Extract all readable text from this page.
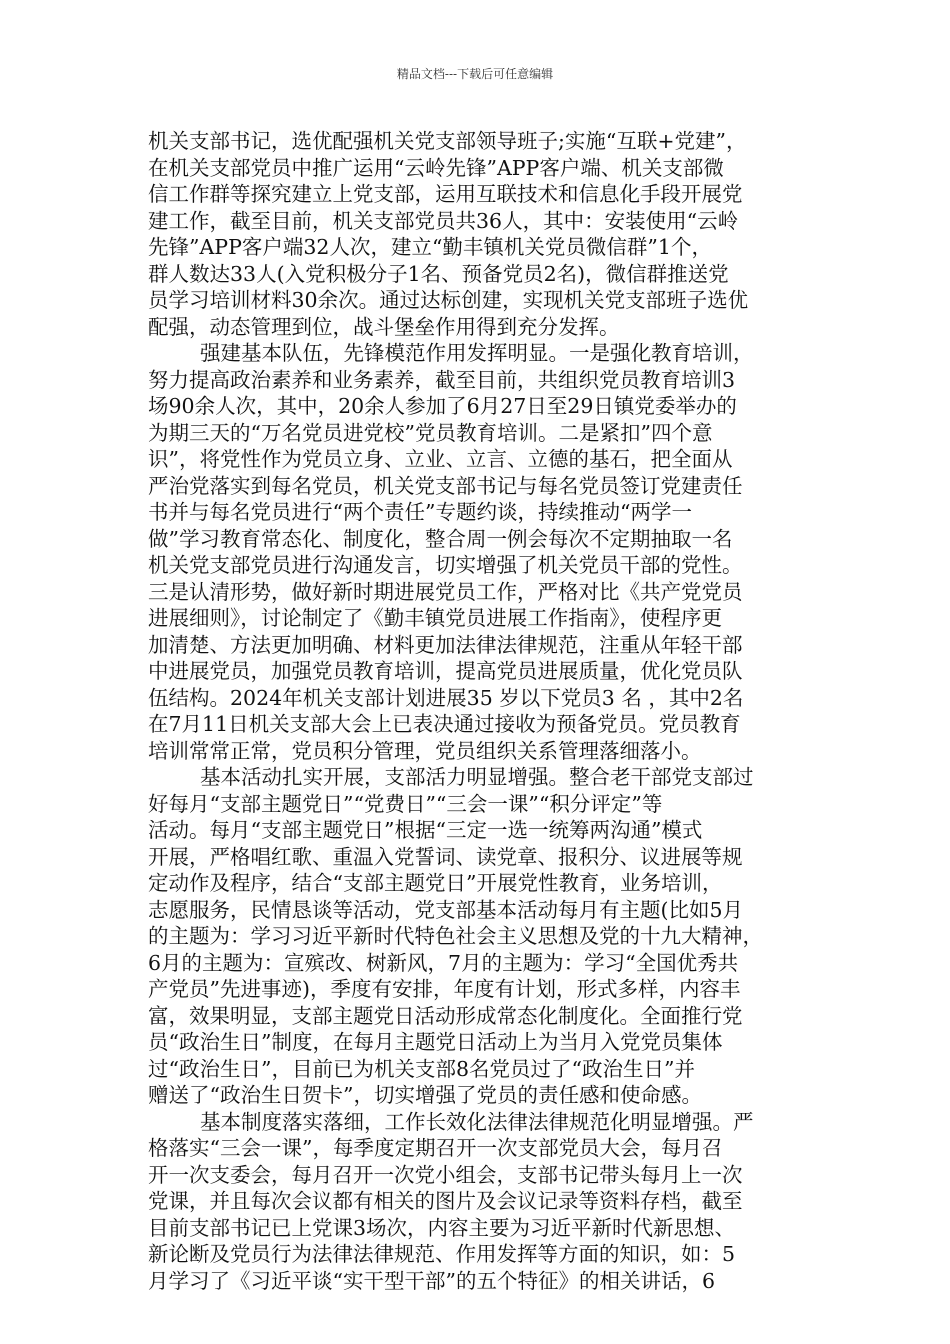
精品文档---下载后可任意编辑
机关支部书记，选优配强机关党支部领导班子;实施“互联+党建”，
在机关支部党员中推广运用“云岭先锋”APP客户端、机关支部微
信工作群等探究建立上党支部，运用互联技术和信息化手段开展党
建工作，截至目前，机关支部党员共36人，其中：安装使用“云岭
先锋”APP客户端32人次，建立“勤丰镇机关党员微信群”1个，
群人数达33人(入党积极分子1名、预备党员2名)，微信群推送党
员学习培训材料30余次。通过达标创建，实现机关党支部班子选优
配强，动态管理到位，战斗堡垒作用得到充分发挥。
强建基本队伍，先锋模范作用发挥明显。一是强化教育培训，
努力提高政治素养和业务素养，截至目前，共组织党员教育培训3
场90余人次，其中，20余人参加了6月27日至29日镇党委举办的
为期三天的“万名党员进党校”党员教育培训。二是紧扣”四个意
识”，将党性作为党员立身、立业、立言、立德的基石，把全面从
严治党落实到每名党员，机关党支部书记与每名党员签订党建责任
书并与每名党员进行“两个责任”专题约谈，持续推动“两学一
做”学习教育常态化、制度化，整合周一例会每次不定期抽取一名
机关党支部党员进行沟通发言，切实增强了机关党员干部的党性。
三是认清形势，做好新时期进展党员工作，严格对比《共产党党员
进展细则》，讨论制定了《勤丰镇党员进展工作指南》，使程序更
加清楚、方法更加明确、材料更加法律法律规范，注重从年轻干部
中进展党员，加强党员教育培训，提高党员进展质量，优化党员队
伍结构。2024年机关支部计划进展35 岁以下党员3 名 ，其中2名
在7月11日机关支部大会上已表决通过接收为预备党员。党员教育
培训常常正常，党员积分管理，党员组织关系管理落细落小。
基本活动扎实开展，支部活力明显增强。整合老干部党支部过
好每月“支部主题党日”“党费日”“三会一课”“积分评定”等
活动。每月“支部主题党日”根据“三定一选一统筹两沟通”模式
开展，严格唱红歌、重温入党誓词、读党章、报积分、议进展等规
定动作及程序，结合“支部主题党日”开展党性教育，业务培训，
志愿服务，民情恳谈等活动，党支部基本活动每月有主题(比如5月
的主题为：学习习近平新时代特色社会主义思想及党的十九大精神，
6月的主题为：宣殡改、树新风，7月的主题为：学习“全国优秀共
产党员”先进事迹)，季度有安排，年度有计划，形式多样，内容丰
富，效果明显，支部主题党日活动形成常态化制度化。全面推行党
员“政治生日”制度，在每月主题党日活动上为当月入党党员集体
过“政治生日”，目前已为机关支部8名党员过了“政治生日”并
赠送了“政治生日贺卡”，切实增强了党员的责任感和使命感。
基本制度落实落细，工作长效化法律法律规范化明显增强。严
格落实“三会一课”，每季度定期召开一次支部党员大会，每月召
开一次支委会，每月召开一次党小组会，支部书记带头每月上一次
党课，并且每次会议都有相关的图片及会议记录等资料存档，截至
目前支部书记已上党课3场次，内容主要为习近平新时代新思想、
新论断及党员行为法律法律规范、作用发挥等方面的知识，如：5
月学习了《习近平谈“实干型干部”的五个特征》的相关讲话，6
